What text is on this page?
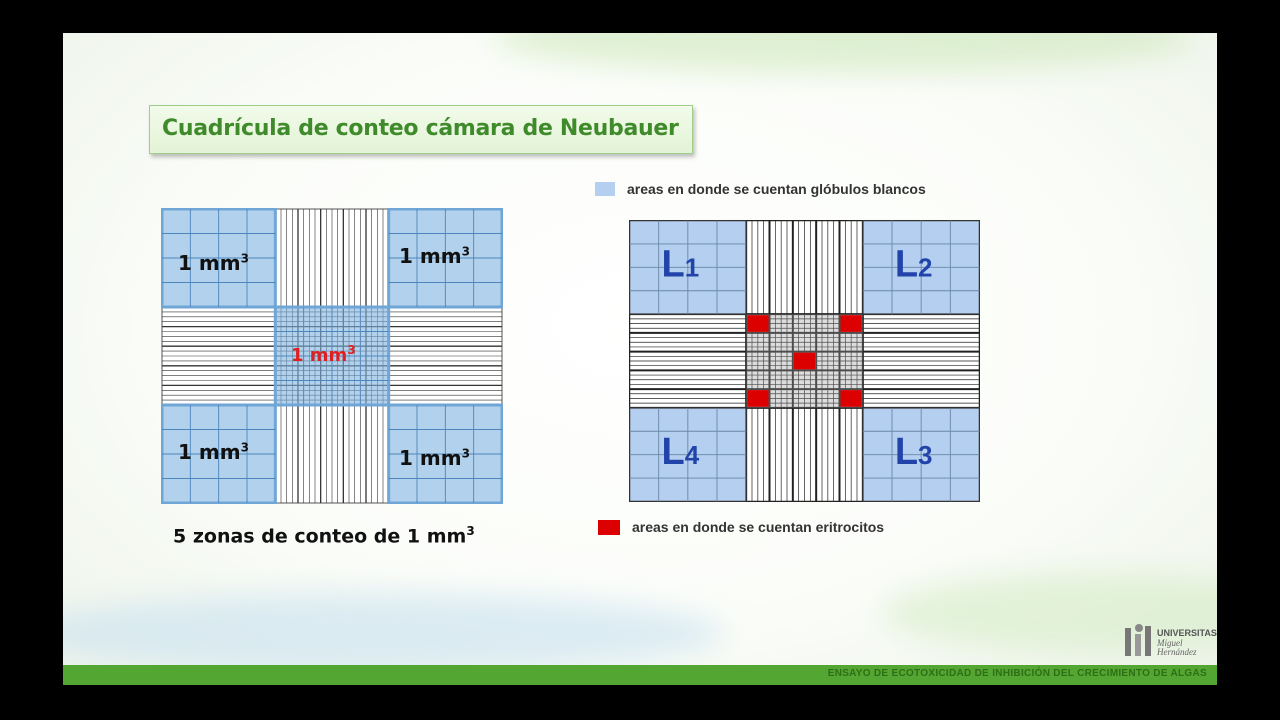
Cuadrícula de conteo cámara de Neubauer
1 $mm^3$	1 $mm^3$
1 $mm^3$
1 $mm^3$	1 $mm^3$
5 zonas de conteo de 1 $mm^3$
areas en donde se cuentan glóbulos blancos
L1	L2
L4	L3
areas en donde se cuentan eritrocitos
UNIVERSITAS
Miguel
Hernández
ENSAYO DE ECOTOXICIDAD DE INHIBICIÓN DEL CRECIMIENTO DE ALGAS
